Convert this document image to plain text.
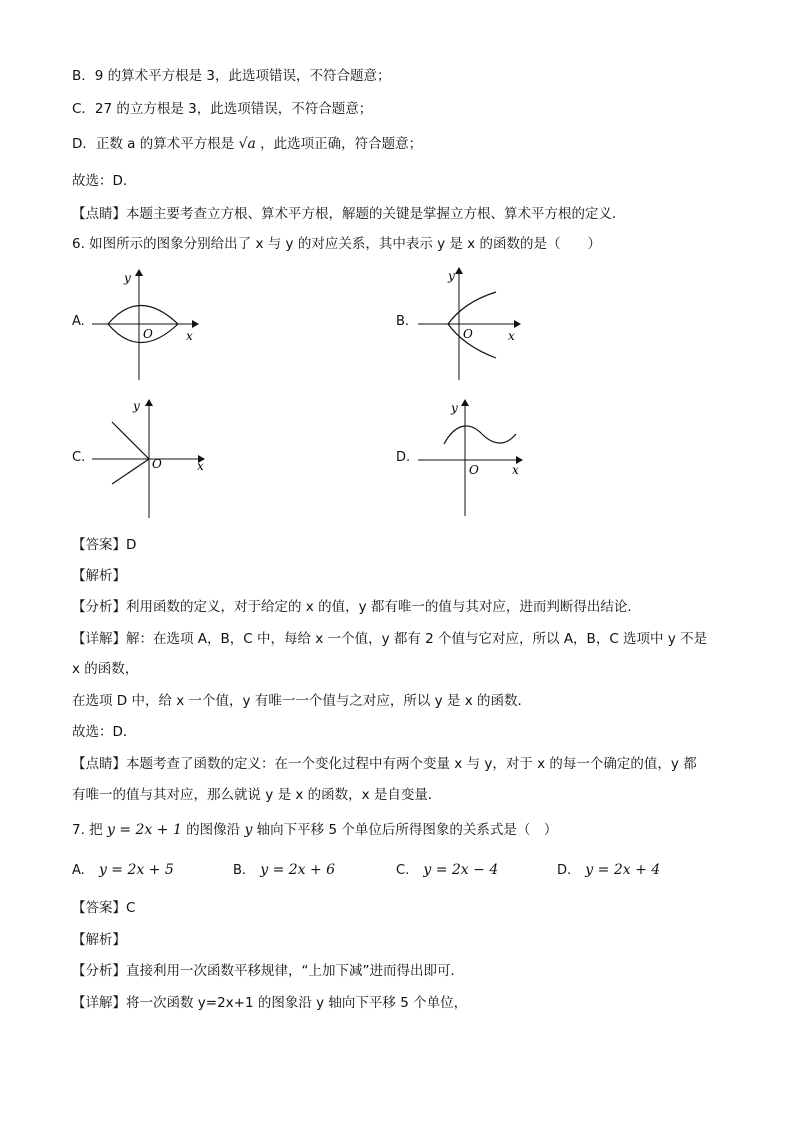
B．9 的算术平方根是 3，此选项错误，不符合题意；
C．27 的立方根是 3，此选项错误，不符合题意；
D．正数 a 的算术平方根是 √a ，此选项正确，符合题意；
故选：D．
【点睛】本题主要考查立方根、算术平方根，解题的关键是掌握立方根、算术平方根的定义．
6. 如图所示的图象分别给出了 x 与 y 的对应关系，其中表示 y 是 x 的函数的是（　　）
A.
y
O	x
B.
y
O	x
C.
y
O	x
D.
y
O	x
【答案】D
【解析】
【分析】利用函数的定义，对于给定的 x 的值，y 都有唯一的值与其对应，进而判断得出结论．
【详解】解：在选项 A，B，C 中，每给 x 一个值，y 都有 2 个值与它对应，所以 A，B，C 选项中 y 不是
x 的函数，
在选项 D 中，给 x 一个值，y 有唯一一个值与之对应，所以 y 是 x 的函数．
故选：D．
【点睛】本题考查了函数的定义：在一个变化过程中有两个变量 x 与 y，对于 x 的每一个确定的值，y 都
有唯一的值与其对应，那么就说 y 是 x 的函数，x 是自变量．
7. 把 y = 2x + 1 的图像沿 y 轴向下平移 5 个单位后所得图象的关系式是（　）
A. y = 2x + 5	B. y = 2x + 6	C. y = 2x − 4	D. y = 2x + 4
【答案】C
【解析】
【分析】直接利用一次函数平移规律，“上加下减”进而得出即可．
【详解】将一次函数 y=2x+1 的图象沿 y 轴向下平移 5 个单位，
